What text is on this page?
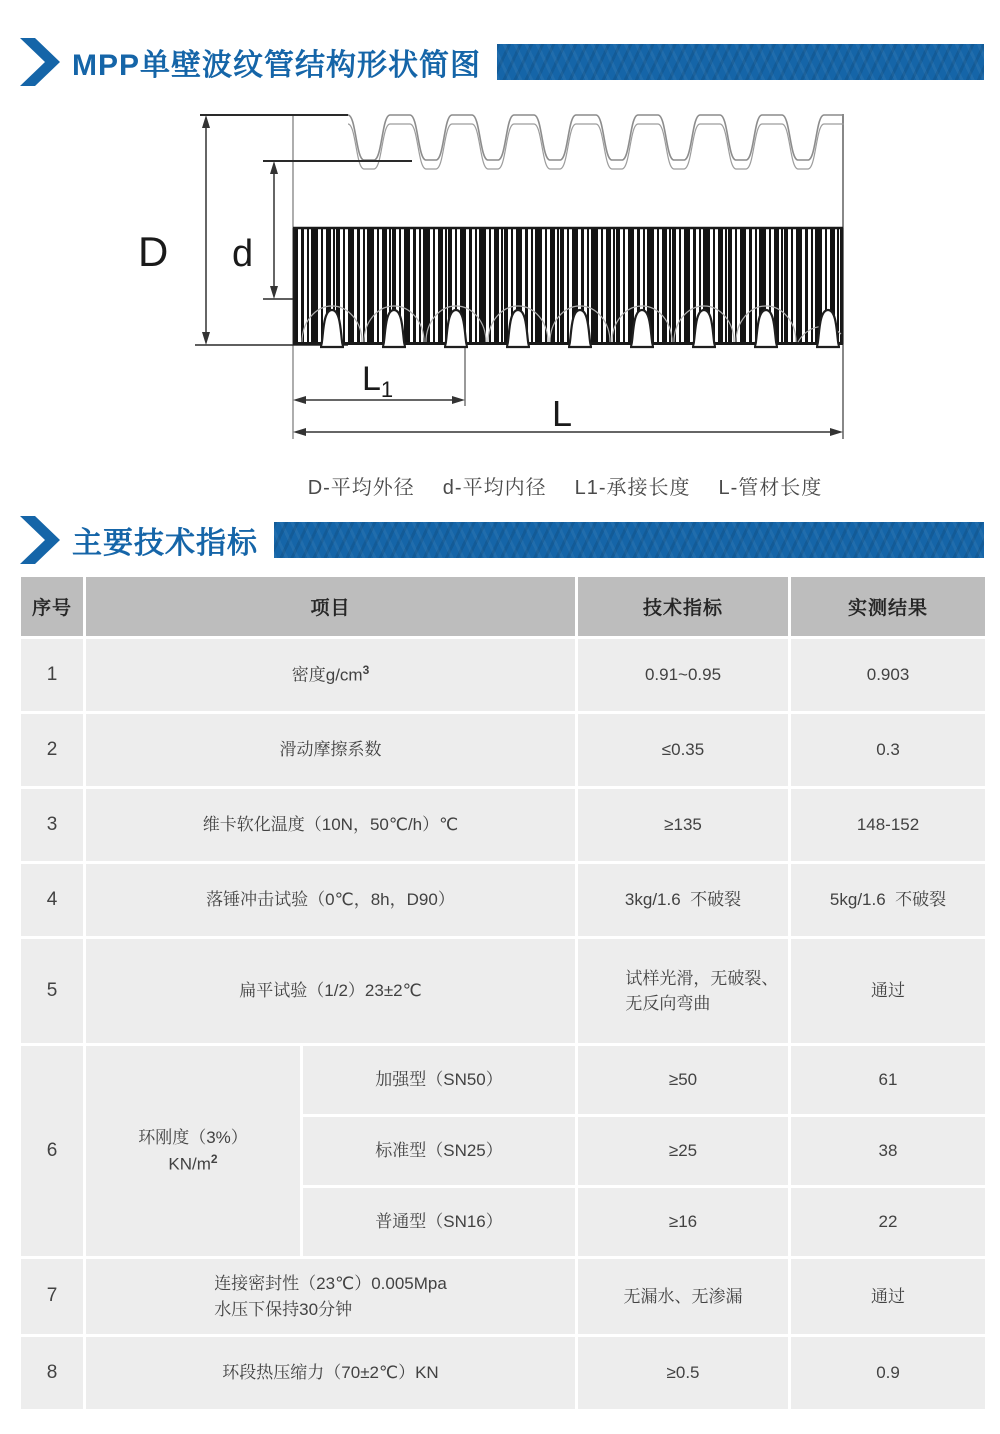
MPP单壁波纹管结构形状简图
D d
$L_1$
L
D-平均外径 d-平均内径 L1-承接长度 L-管材长度
主要技术指标
序号	项目		技术指标	实测结果
1	密度$g/cm^3$		0.91~0.95	0.903
2	滑动摩擦系数		≤0.35	0.3
3	维卡软化温度（10N，50℃/h）℃		≥135	148-152
4	落锤冲击试验（0℃，8h，D90）		3kg/1.6  不破裂	5kg/1.6  不破裂
5	扁平试验（1/2）23±2℃		试样光滑，无破裂、
无反向弯曲	通过
6	环刚度（3%）
$KN/m^2$	加强型（SN50）	≥50	61
		标准型（SN25）	≥25	38
		普通型（SN16）	≥16	22
7	连接密封性（23℃）0.005Mpa
水压下保持30分钟		无漏水、无渗漏	通过
8	环段热压缩力（70±2℃）KN		≥0.5	0.9
